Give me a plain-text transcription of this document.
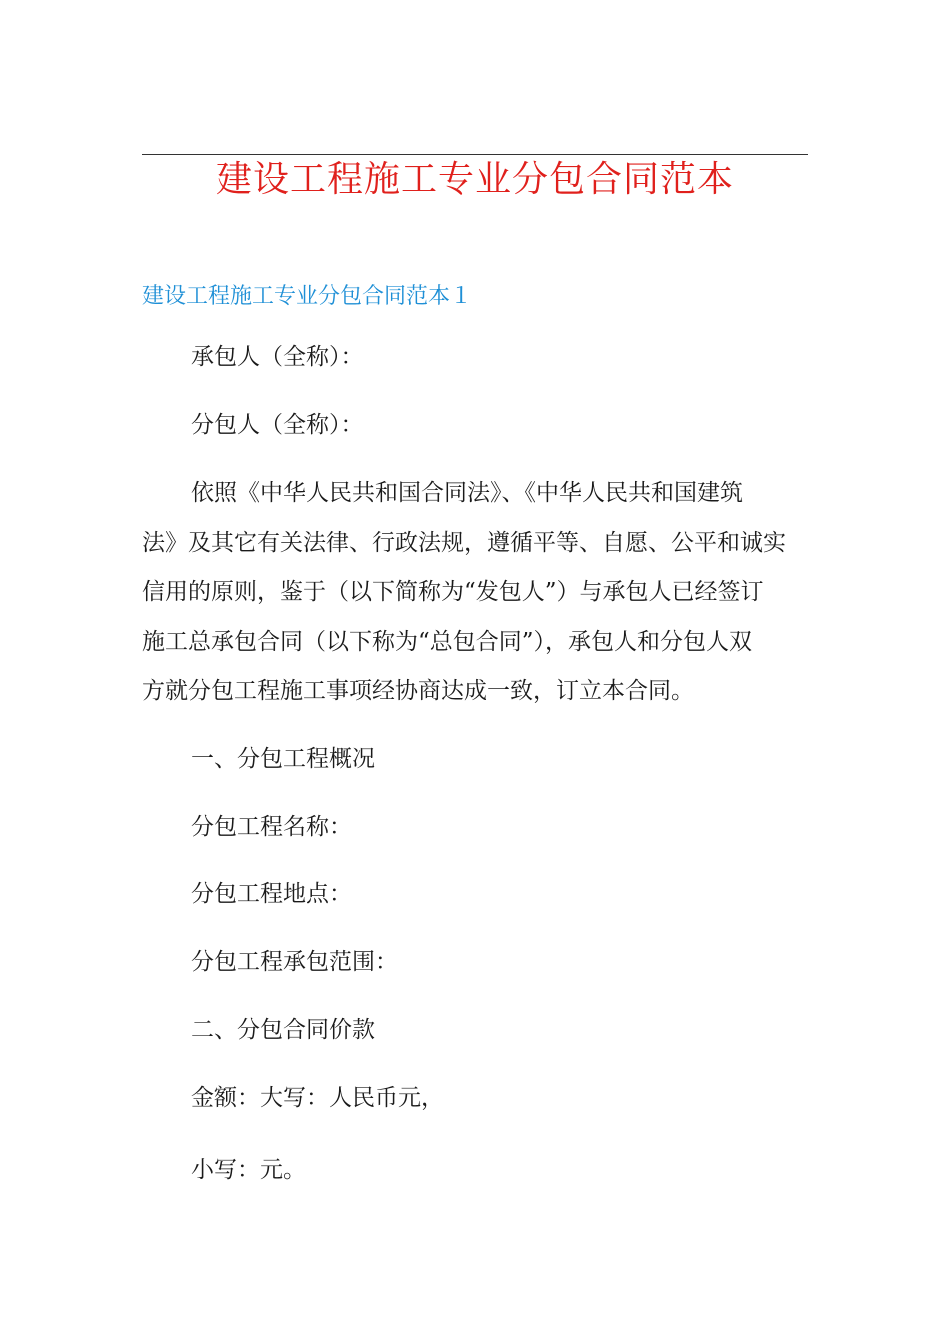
建设工程施工专业分包合同范本
建设工程施工专业分包合同范本１
承包人（全称）：
分包人（全称）：
依照《中华人民共和国合同法》、《中华人民共和国建筑
法》及其它有关法律、行政法规，遵循平等、自愿、公平和诚实
信用的原则，鉴于（以下简称为“发包人”）与承包人已经签订
施工总承包合同（以下称为“总包合同”），承包人和分包人双
方就分包工程施工事项经协商达成一致，订立本合同。
一、分包工程概况
分包工程名称：
分包工程地点：
分包工程承包范围：
二、分包合同价款
金额：大写：人民币元，
小写：元。
